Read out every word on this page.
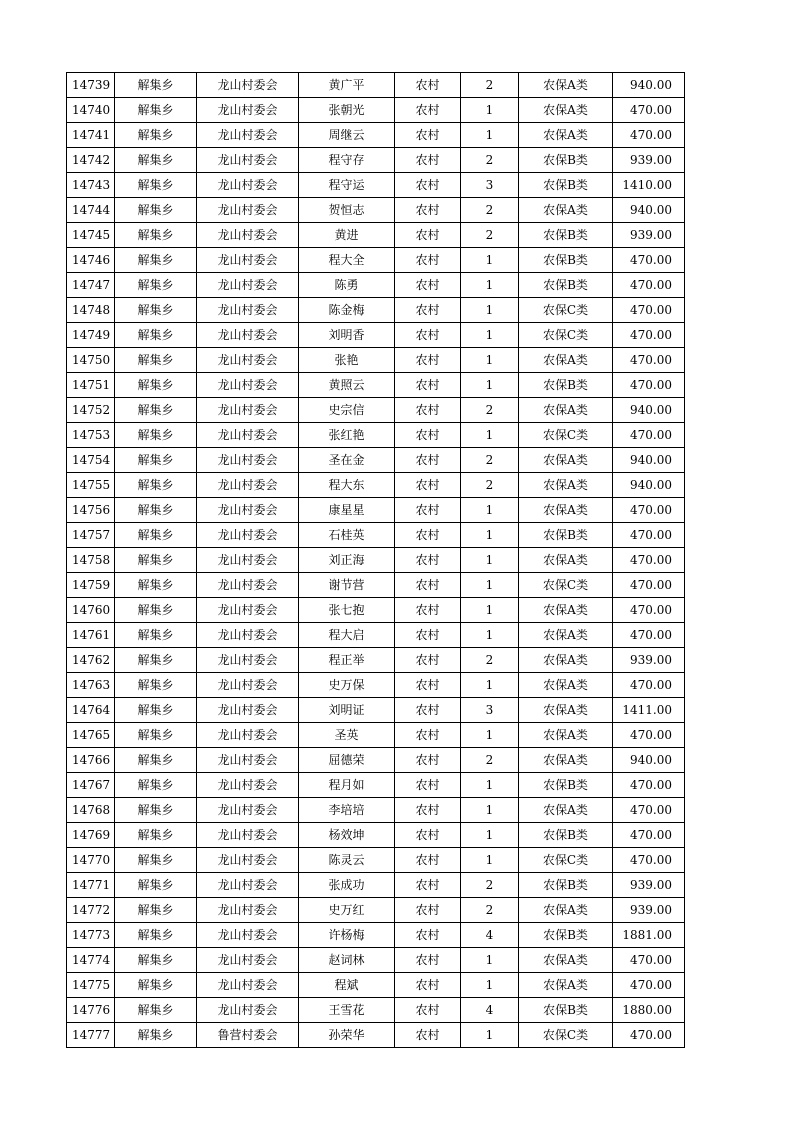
14739	解集乡	龙山村委会	黄广平	农村	2	农保A类	940.00
14740	解集乡	龙山村委会	张朝光	农村	1	农保A类	470.00
14741	解集乡	龙山村委会	周继云	农村	1	农保A类	470.00
14742	解集乡	龙山村委会	程守存	农村	2	农保B类	939.00
14743	解集乡	龙山村委会	程守运	农村	3	农保B类	1410.00
14744	解集乡	龙山村委会	贺恒志	农村	2	农保A类	940.00
14745	解集乡	龙山村委会	黄进	农村	2	农保B类	939.00
14746	解集乡	龙山村委会	程大全	农村	1	农保B类	470.00
14747	解集乡	龙山村委会	陈勇	农村	1	农保B类	470.00
14748	解集乡	龙山村委会	陈金梅	农村	1	农保C类	470.00
14749	解集乡	龙山村委会	刘明香	农村	1	农保C类	470.00
14750	解集乡	龙山村委会	张艳	农村	1	农保A类	470.00
14751	解集乡	龙山村委会	黄照云	农村	1	农保B类	470.00
14752	解集乡	龙山村委会	史宗信	农村	2	农保A类	940.00
14753	解集乡	龙山村委会	张红艳	农村	1	农保C类	470.00
14754	解集乡	龙山村委会	圣在金	农村	2	农保A类	940.00
14755	解集乡	龙山村委会	程大东	农村	2	农保A类	940.00
14756	解集乡	龙山村委会	康星星	农村	1	农保A类	470.00
14757	解集乡	龙山村委会	石桂英	农村	1	农保B类	470.00
14758	解集乡	龙山村委会	刘正海	农村	1	农保A类	470.00
14759	解集乡	龙山村委会	谢节营	农村	1	农保C类	470.00
14760	解集乡	龙山村委会	张七抱	农村	1	农保A类	470.00
14761	解集乡	龙山村委会	程大启	农村	1	农保A类	470.00
14762	解集乡	龙山村委会	程正举	农村	2	农保A类	939.00
14763	解集乡	龙山村委会	史万保	农村	1	农保A类	470.00
14764	解集乡	龙山村委会	刘明证	农村	3	农保A类	1411.00
14765	解集乡	龙山村委会	圣英	农村	1	农保A类	470.00
14766	解集乡	龙山村委会	屈德荣	农村	2	农保A类	940.00
14767	解集乡	龙山村委会	程月如	农村	1	农保B类	470.00
14768	解集乡	龙山村委会	李培培	农村	1	农保A类	470.00
14769	解集乡	龙山村委会	杨效坤	农村	1	农保B类	470.00
14770	解集乡	龙山村委会	陈灵云	农村	1	农保C类	470.00
14771	解集乡	龙山村委会	张成功	农村	2	农保B类	939.00
14772	解集乡	龙山村委会	史万红	农村	2	农保A类	939.00
14773	解集乡	龙山村委会	许杨梅	农村	4	农保B类	1881.00
14774	解集乡	龙山村委会	赵词林	农村	1	农保A类	470.00
14775	解集乡	龙山村委会	程斌	农村	1	农保A类	470.00
14776	解集乡	龙山村委会	王雪花	农村	4	农保B类	1880.00
14777	解集乡	鲁营村委会	孙荣华	农村	1	农保C类	470.00
